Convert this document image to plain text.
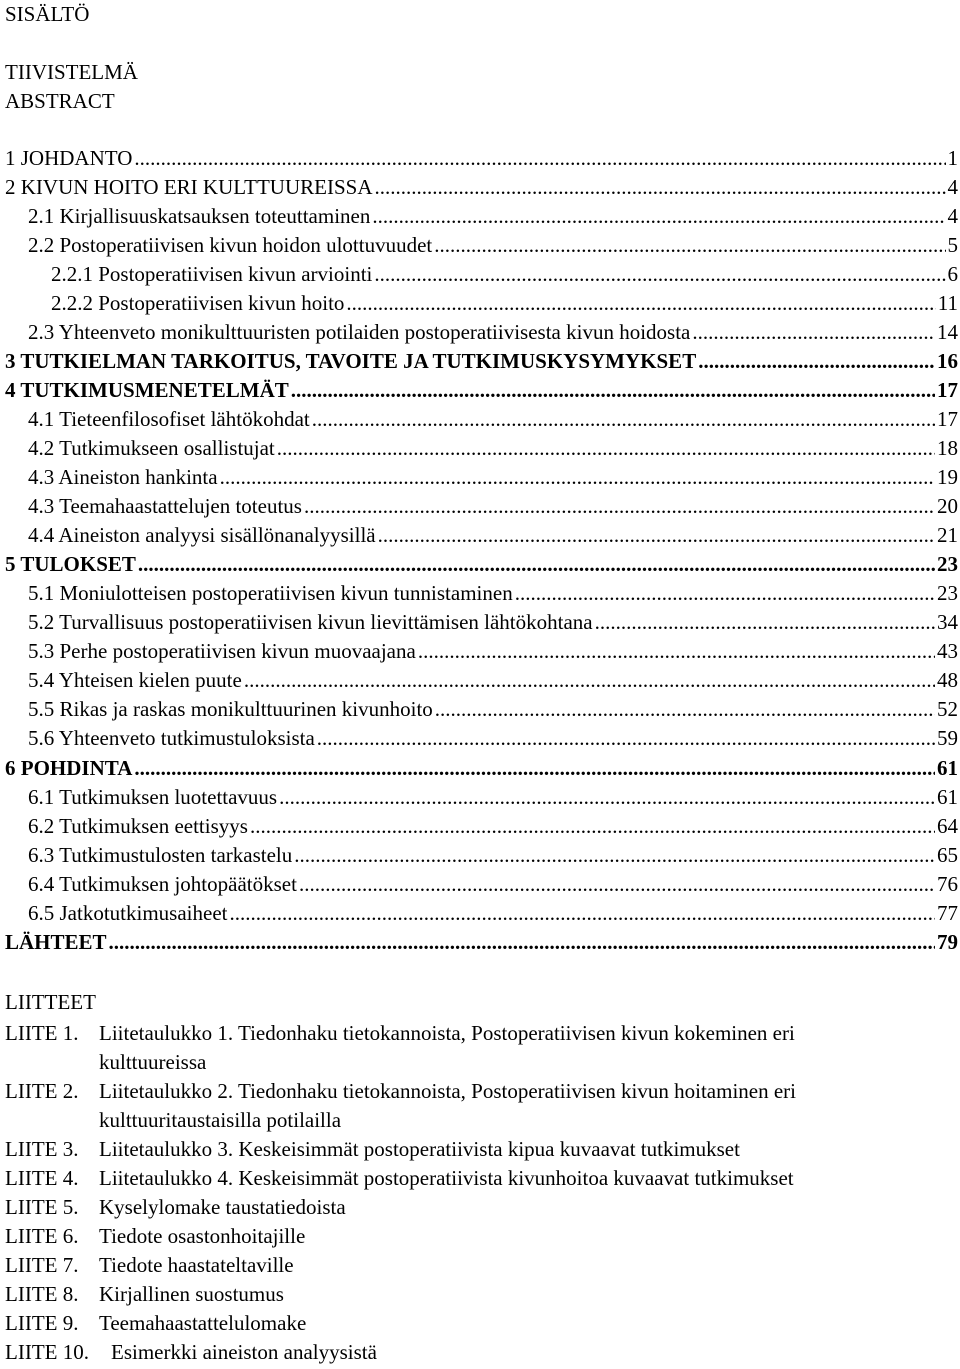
SISÄLTÖ
TIIVISTELMÄ
ABSTRACT
1 JOHDANTO .....	1
2 KIVUN HOITO ERI KULTTUUREISSA .....	4
2.1 Kirjallisuuskatsauksen toteuttaminen .....	4
2.2 Postoperatiivisen kivun hoidon ulottuvuudet .....	5
2.2.1 Postoperatiivisen kivun arviointi .....	6
2.2.2 Postoperatiivisen kivun hoito .....	11
2.3 Yhteenveto monikulttuuristen potilaiden postoperatiivisesta kivun hoidosta .....	14
3 TUTKIELMAN TARKOITUS, TAVOITE JA TUTKIMUSKYSYMYKSET .....	16
4 TUTKIMUSMENETELMÄT .....	17
4.1 Tieteenfilosofiset lähtökohdat .....	17
4.2 Tutkimukseen osallistujat .....	18
4.3 Aineiston hankinta .....	19
4.3 Teemahaastattelujen toteutus .....	20
4.4 Aineiston analyysi sisällönanalyysillä .....	21
5 TULOKSET .....	23
5.1 Moniulotteisen postoperatiivisen kivun tunnistaminen .....	23
5.2 Turvallisuus postoperatiivisen kivun lievittämisen lähtökohtana .....	34
5.3 Perhe postoperatiivisen kivun muovaajana .....	43
5.4 Yhteisen kielen puute .....	48
5.5 Rikas ja raskas monikulttuurinen kivunhoito .....	52
5.6 Yhteenveto tutkimustuloksista .....	59
6 POHDINTA .....	61
6.1 Tutkimuksen luotettavuus .....	61
6.2 Tutkimuksen eettisyys .....	64
6.3 Tutkimustulosten tarkastelu .....	65
6.4 Tutkimuksen johtopäätökset .....	76
6.5 Jatkotutkimusaiheet .....	77
LÄHTEET .....	79
LIITTEET
LIITE 1. Liitetaulukko 1. Tiedonhaku tietokannoista, Postoperatiivisen kivun kokeminen eri
kulttuureissa
LIITE 2. Liitetaulukko 2. Tiedonhaku tietokannoista, Postoperatiivisen kivun hoitaminen eri
kulttuuritaustaisilla potilailla
LIITE 3. Liitetaulukko 3. Keskeisimmät postoperatiivista kipua kuvaavat tutkimukset
LIITE 4. Liitetaulukko 4. Keskeisimmät postoperatiivista kivunhoitoa kuvaavat tutkimukset
LIITE 5. Kyselylomake taustatiedoista
LIITE 6. Tiedote osastonhoitajille
LIITE 7. Tiedote haastateltaville
LIITE 8. Kirjallinen suostumus
LIITE 9. Teemahaastattelulomake
LIITE 10.	Esimerkki aineiston analyysistä
